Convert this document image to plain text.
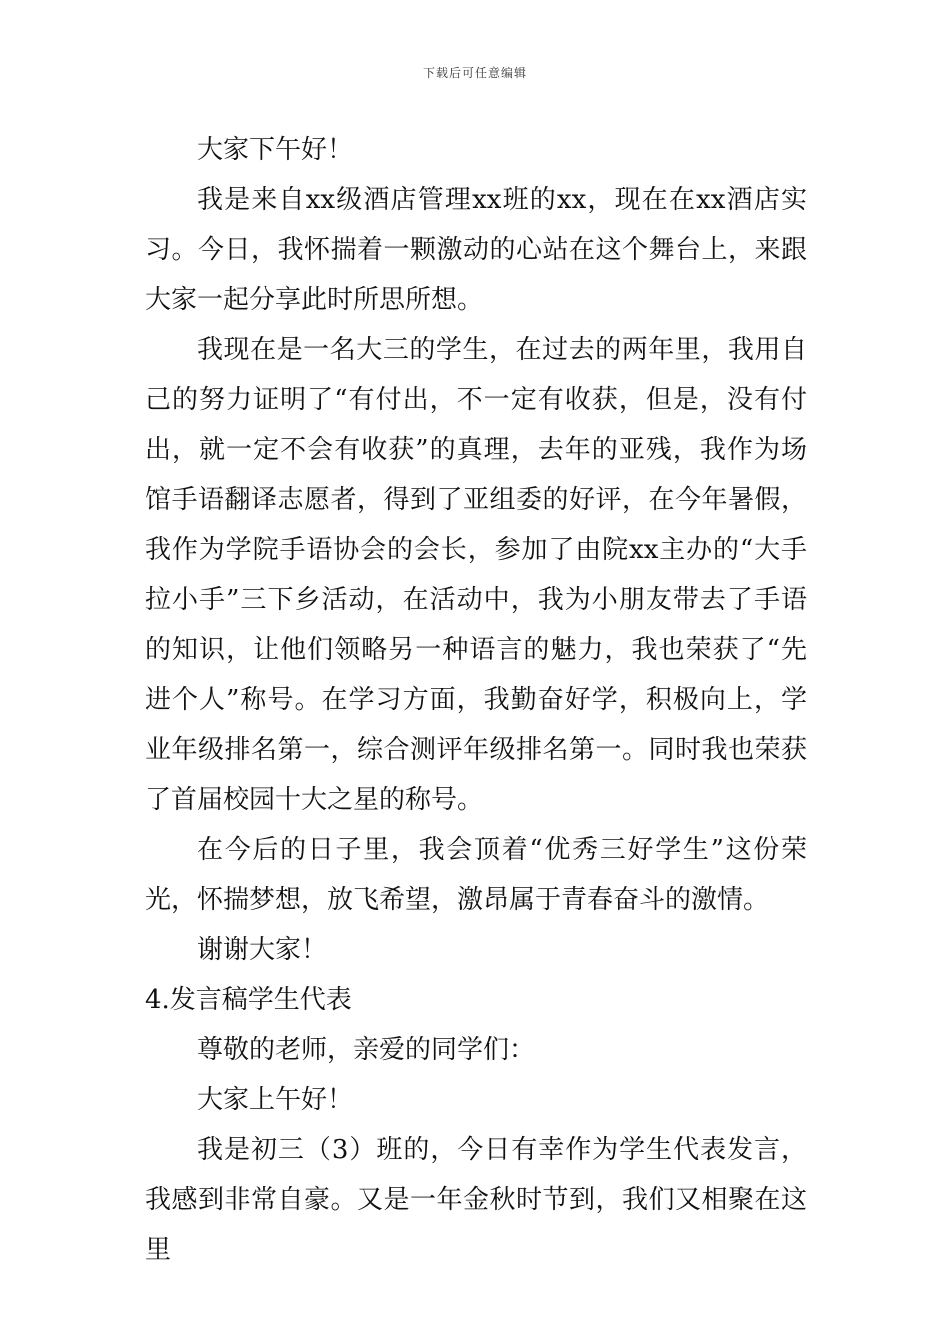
下载后可任意编辑

大家下午好！

我是来自xx级酒店管理xx班的xx，现在在xx酒店实习。今日，我怀揣着一颗激动的心站在这个舞台上，来跟大家一起分享此时所思所想。

我现在是一名大三的学生，在过去的两年里，我用自己的努力证明了“有付出，不一定有收获，但是，没有付出，就一定不会有收获”的真理，去年的亚残，我作为场馆手语翻译志愿者，得到了亚组委的好评，在今年暑假，我作为学院手语协会的会长，参加了由院xx主办的“大手拉小手”三下乡活动，在活动中，我为小朋友带去了手语的知识，让他们领略另一种语言的魅力，我也荣获了“先进个人”称号。在学习方面，我勤奋好学，积极向上，学业年级排名第一，综合测评年级排名第一。同时我也荣获了首届校园十大之星的称号。

在今后的日子里，我会顶着“优秀三好学生”这份荣光，怀揣梦想，放飞希望，激昂属于青春奋斗的激情。

谢谢大家！

4.发言稿学生代表

尊敬的老师，亲爱的同学们：

大家上午好！

我是初三（3）班的，今日有幸作为学生代表发言，我感到非常自豪。又是一年金秋时节到，我们又相聚在这里
